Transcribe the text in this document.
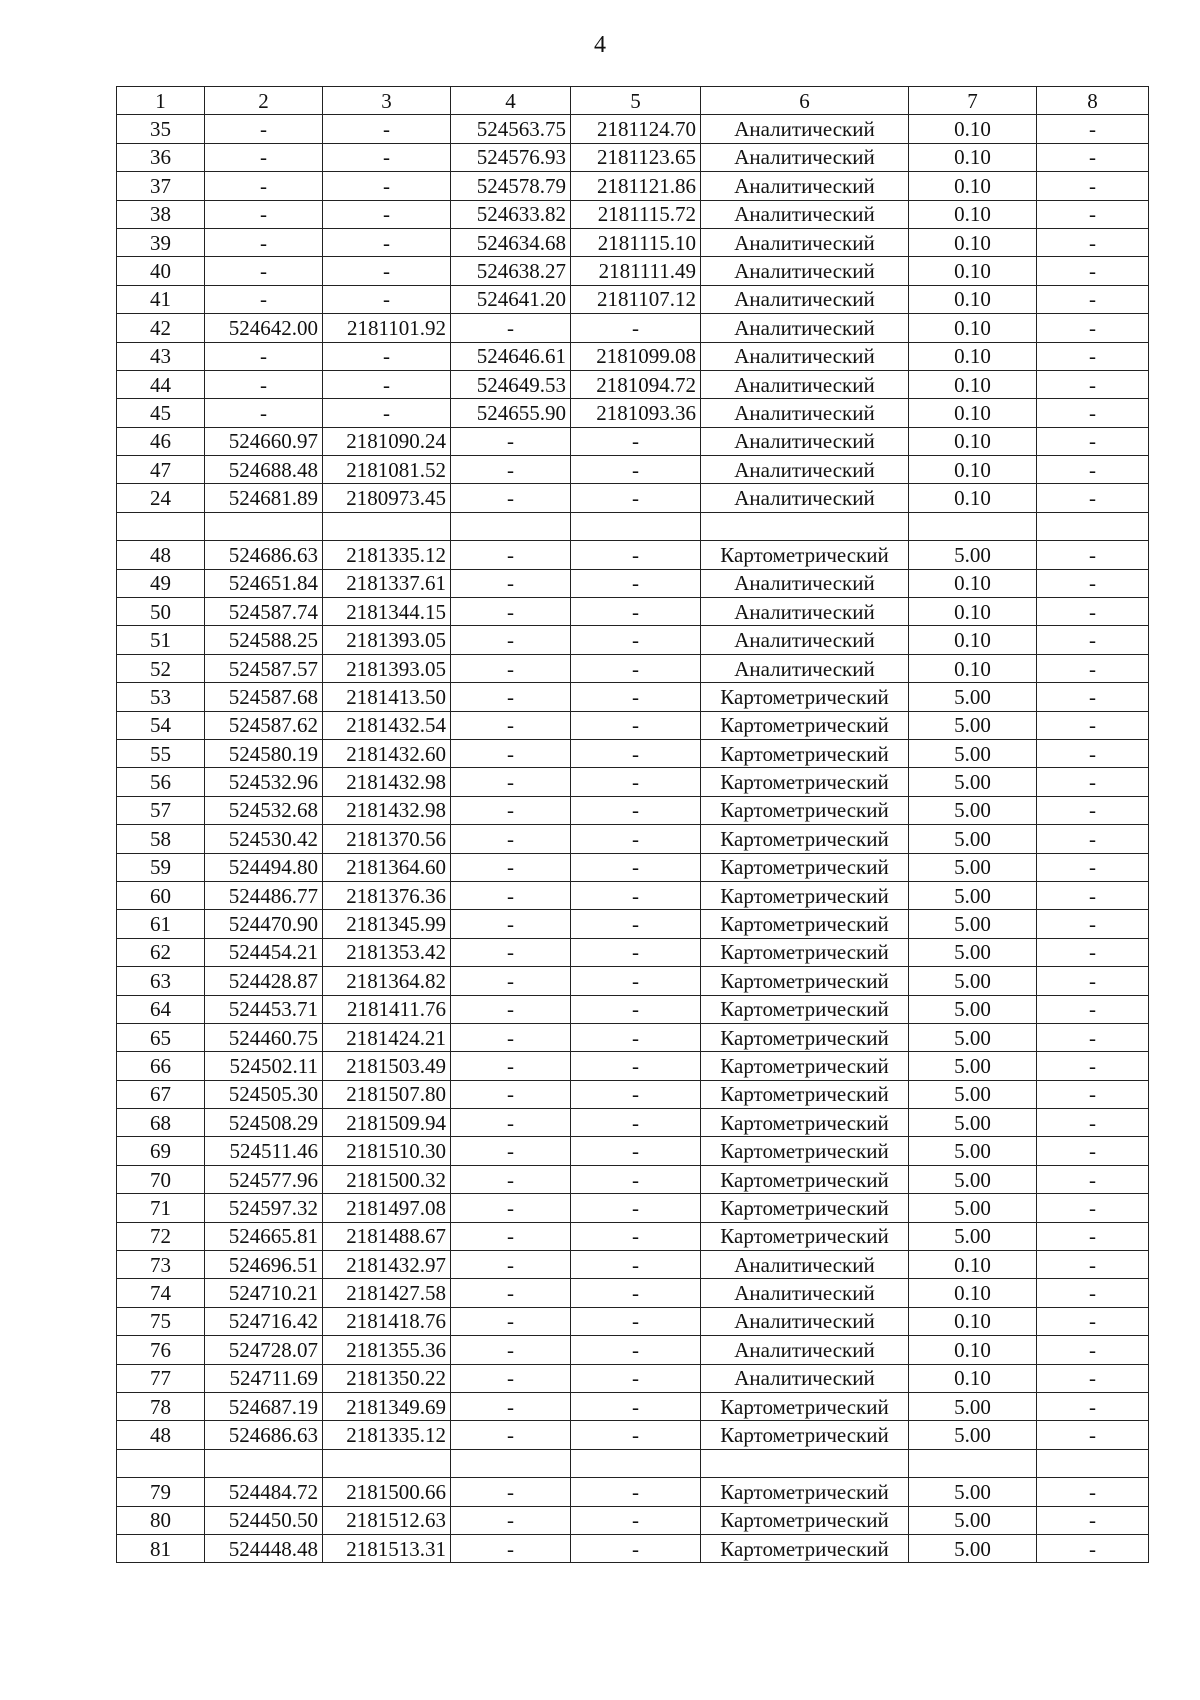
4
1	2	3	4	5	6	7	8
35	-	-	524563.75	2181124.70	Аналитический	0.10	-
36	-	-	524576.93	2181123.65	Аналитический	0.10	-
37	-	-	524578.79	2181121.86	Аналитический	0.10	-
38	-	-	524633.82	2181115.72	Аналитический	0.10	-
39	-	-	524634.68	2181115.10	Аналитический	0.10	-
40	-	-	524638.27	2181111.49	Аналитический	0.10	-
41	-	-	524641.20	2181107.12	Аналитический	0.10	-
42	524642.00	2181101.92	-	-	Аналитический	0.10	-
43	-	-	524646.61	2181099.08	Аналитический	0.10	-
44	-	-	524649.53	2181094.72	Аналитический	0.10	-
45	-	-	524655.90	2181093.36	Аналитический	0.10	-
46	524660.97	2181090.24	-	-	Аналитический	0.10	-
47	524688.48	2181081.52	-	-	Аналитический	0.10	-
24	524681.89	2180973.45	-	-	Аналитический	0.10	-

48	524686.63	2181335.12	-	-	Картометрический	5.00	-
49	524651.84	2181337.61	-	-	Аналитический	0.10	-
50	524587.74	2181344.15	-	-	Аналитический	0.10	-
51	524588.25	2181393.05	-	-	Аналитический	0.10	-
52	524587.57	2181393.05	-	-	Аналитический	0.10	-
53	524587.68	2181413.50	-	-	Картометрический	5.00	-
54	524587.62	2181432.54	-	-	Картометрический	5.00	-
55	524580.19	2181432.60	-	-	Картометрический	5.00	-
56	524532.96	2181432.98	-	-	Картометрический	5.00	-
57	524532.68	2181432.98	-	-	Картометрический	5.00	-
58	524530.42	2181370.56	-	-	Картометрический	5.00	-
59	524494.80	2181364.60	-	-	Картометрический	5.00	-
60	524486.77	2181376.36	-	-	Картометрический	5.00	-
61	524470.90	2181345.99	-	-	Картометрический	5.00	-
62	524454.21	2181353.42	-	-	Картометрический	5.00	-
63	524428.87	2181364.82	-	-	Картометрический	5.00	-
64	524453.71	2181411.76	-	-	Картометрический	5.00	-
65	524460.75	2181424.21	-	-	Картометрический	5.00	-
66	524502.11	2181503.49	-	-	Картометрический	5.00	-
67	524505.30	2181507.80	-	-	Картометрический	5.00	-
68	524508.29	2181509.94	-	-	Картометрический	5.00	-
69	524511.46	2181510.30	-	-	Картометрический	5.00	-
70	524577.96	2181500.32	-	-	Картометрический	5.00	-
71	524597.32	2181497.08	-	-	Картометрический	5.00	-
72	524665.81	2181488.67	-	-	Картометрический	5.00	-
73	524696.51	2181432.97	-	-	Аналитический	0.10	-
74	524710.21	2181427.58	-	-	Аналитический	0.10	-
75	524716.42	2181418.76	-	-	Аналитический	0.10	-
76	524728.07	2181355.36	-	-	Аналитический	0.10	-
77	524711.69	2181350.22	-	-	Аналитический	0.10	-
78	524687.19	2181349.69	-	-	Картометрический	5.00	-
48	524686.63	2181335.12	-	-	Картометрический	5.00	-

79	524484.72	2181500.66	-	-	Картометрический	5.00	-
80	524450.50	2181512.63	-	-	Картометрический	5.00	-
81	524448.48	2181513.31	-	-	Картометрический	5.00	-
